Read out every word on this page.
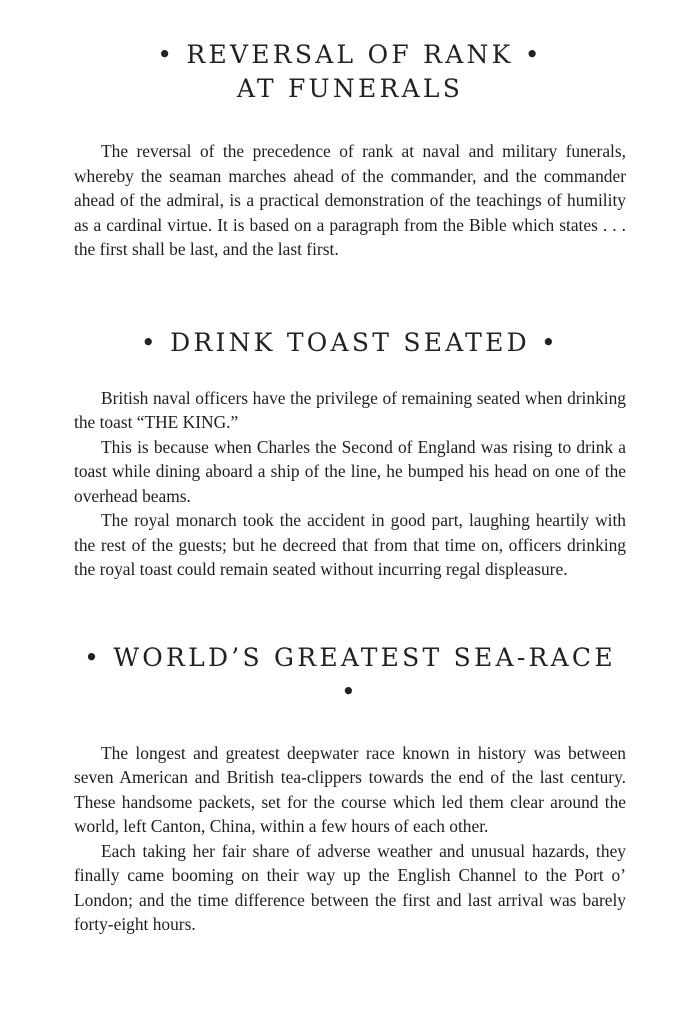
• REVERSAL OF RANK •
AT FUNERALS

The reversal of the precedence of rank at naval and military funerals, whereby the seaman marches ahead of the commander, and the commander ahead of the admiral, is a practical demonstration of the teachings of humility as a cardinal virtue. It is based on a paragraph from the Bible which states . . . the first shall be last, and the last first.

• DRINK TOAST SEATED •

British naval officers have the privilege of remaining seated when drinking the toast “THE KING.”

This is because when Charles the Second of England was rising to drink a toast while dining aboard a ship of the line, he bumped his head on one of the overhead beams.

The royal monarch took the accident in good part, laughing heartily with the rest of the guests; but he decreed that from that time on, officers drinking the royal toast could remain seated without incurring regal displeasure.

• WORLD’S GREATEST SEA-RACE •

The longest and greatest deepwater race known in history was between seven American and British tea-clippers towards the end of the last century. These handsome packets, set for the course which led them clear around the world, left Canton, China, within a few hours of each other.

Each taking her fair share of adverse weather and unusual hazards, they finally came booming on their way up the English Channel to the Port o’ London; and the time difference between the first and last arrival was barely forty-eight hours.
